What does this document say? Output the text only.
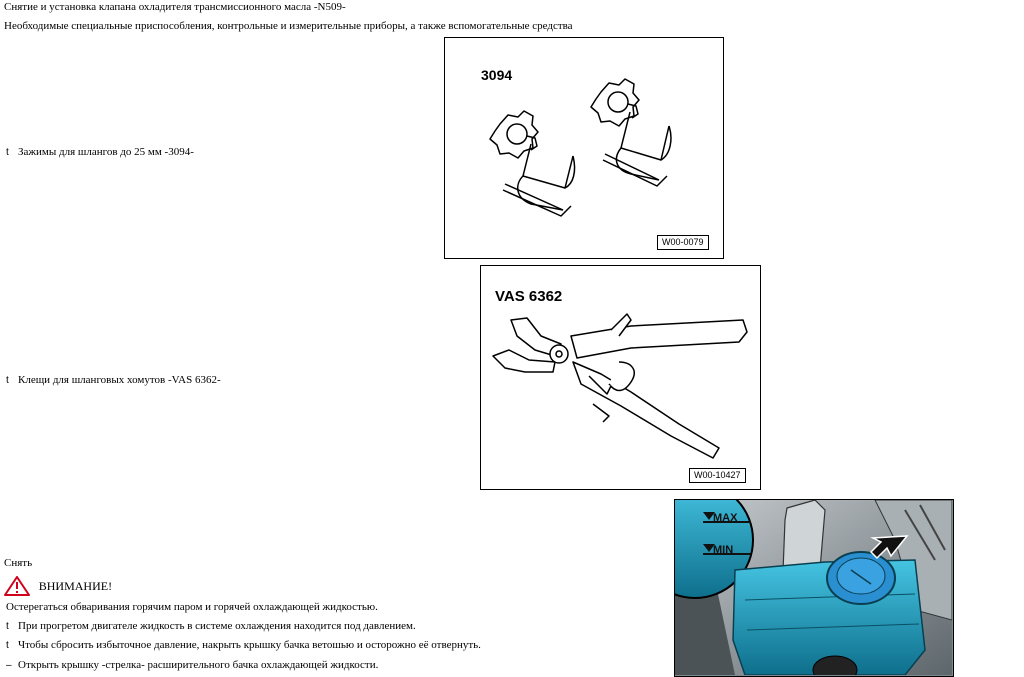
Снятие и установка клапана охладителя трансмиссионного масла -N509-
Необходимые специальные приспособления, контрольные и измерительные приборы, а также вспомогательные средства
t Зажимы для шлангов до 25 мм -3094-
3094
W00-0079
t Клещи для шланговых хомутов -VAS 6362-
VAS 6362
W00-10427
Снять
ВНИМАНИЕ!
Остерегаться обваривания горячим паром и горячей охлаждающей жидкостью.
t При прогретом двигателе жидкость в системе охлаждения находится под давлением.
t Чтобы сбросить избыточное давление, накрыть крышку бачка ветошью и осторожно её отвернуть.
– Открыть крышку -стрелка- расширительного бачка охлаждающей жидкости.
MAX
MIN
